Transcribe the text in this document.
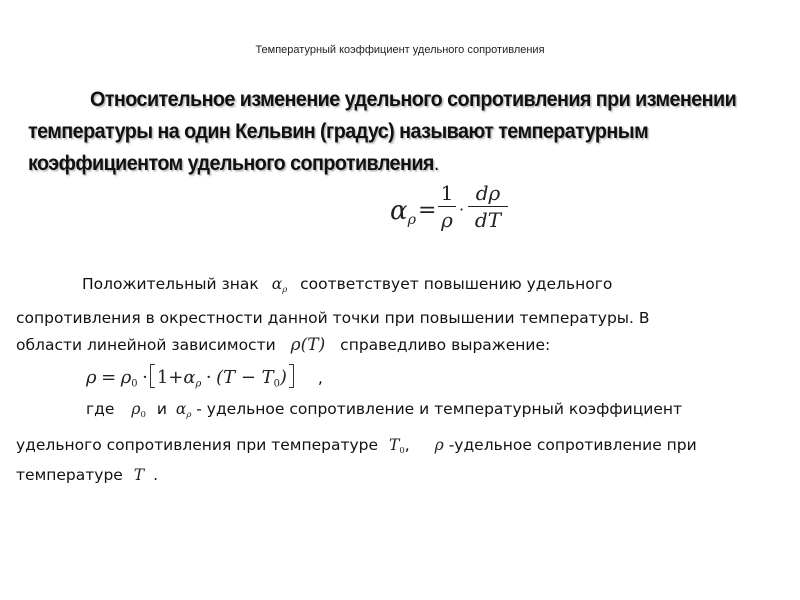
Температурный коэффициент удельного сопротивления
Относительное изменение удельного сопротивления при изменении
температуры на один Кельвин (градус) называют температурным
коэффициентом удельного сопротивления.
$\alpha_\rho$ =
1
ρ ·
dρ
dT
Положительный знак $\alpha_\rho$ соответствует повышению удельного
сопротивления в окрестности данной точки при повышении температуры. В
области линейной зависимости ρ(T) справедливо выражение:
$\rho = \rho_0 \cdot 1+\alpha_\rho \cdot (T - T_0)$	,
где $\rho_0$ и $\alpha_\rho$ - удельное сопротивление и температурный коэффициент
удельного сопротивления при температуре $T_0$, ρ -удельное сопротивление при
температуре T .
